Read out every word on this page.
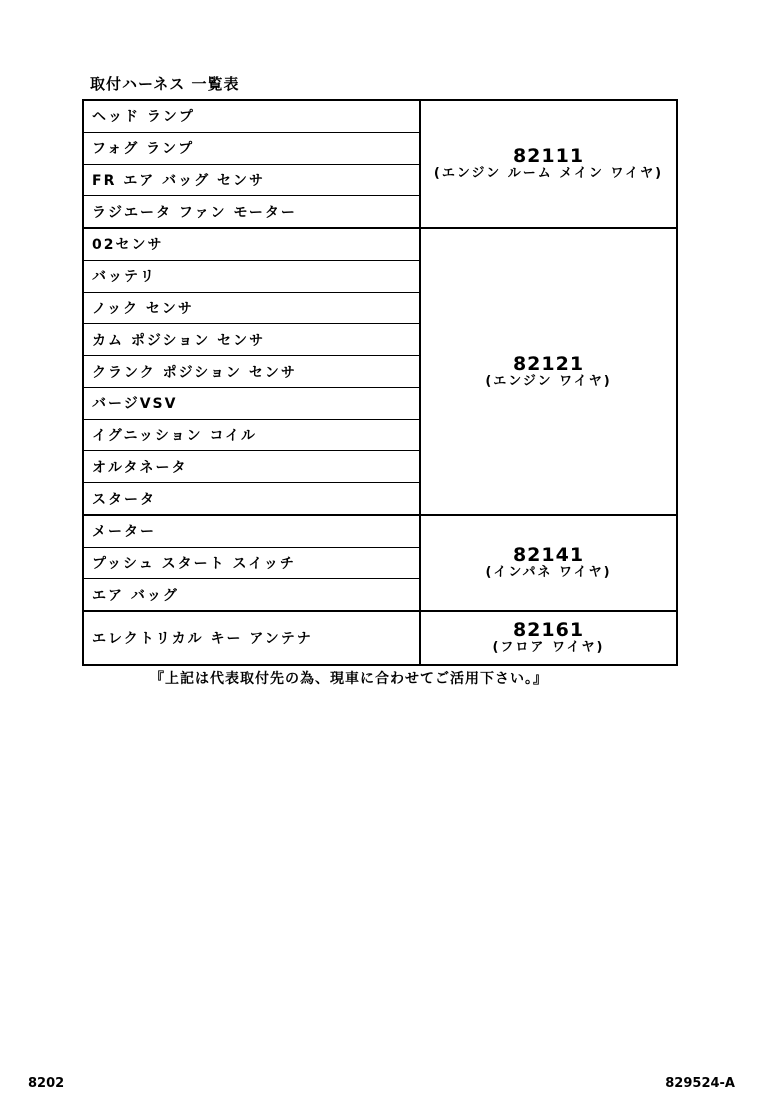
取付ハーネス 一覧表
ヘッド ランプ
フォグ ランプ
FR エア バッグ センサ
ラジエータ ファン モーター
82111
(エンジン ルーム メイン ワイヤ)
02センサ
バッテリ
ノック センサ
カム ポジション センサ
クランク ポジション センサ
バージVSV
イグニッション コイル
オルタネータ
スタータ
82121
(エンジン ワイヤ)
メーター
プッシュ スタート スイッチ
エア バッグ
82141
(インパネ ワイヤ)
エレクトリカル キー アンテナ	82161
(フロア ワイヤ)
『上記は代表取付先の為、現車に合わせてご活用下さい。』
8202	829524-A
